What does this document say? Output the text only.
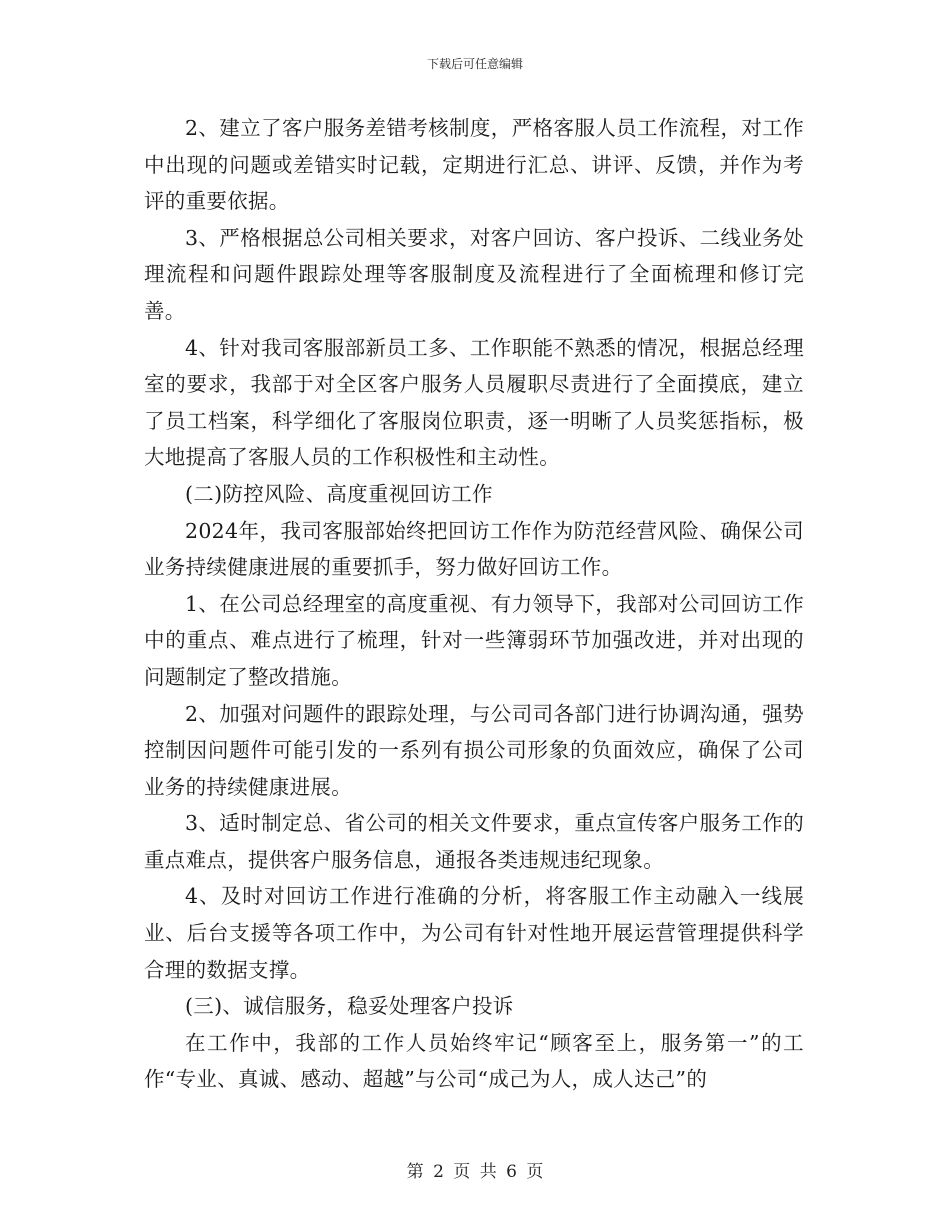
下载后可任意编辑

2、建立了客户服务差错考核制度，严格客服人员工作流程，对工作中出现的问题或差错实时记载，定期进行汇总、讲评、反馈，并作为考评的重要依据。

3、严格根据总公司相关要求，对客户回访、客户投诉、二线业务处理流程和问题件跟踪处理等客服制度及流程进行了全面梳理和修订完善。

4、针对我司客服部新员工多、工作职能不熟悉的情况，根据总经理室的要求，我部于对全区客户服务人员履职尽责进行了全面摸底，建立了员工档案，科学细化了客服岗位职责，逐一明晰了人员奖惩指标，极大地提高了客服人员的工作积极性和主动性。

(二)防控风险、高度重视回访工作

2024年，我司客服部始终把回访工作作为防范经营风险、确保公司业务持续健康进展的重要抓手，努力做好回访工作。

1、在公司总经理室的高度重视、有力领导下，我部对公司回访工作中的重点、难点进行了梳理，针对一些簿弱环节加强改进，并对出现的问题制定了整改措施。

2、加强对问题件的跟踪处理，与公司司各部门进行协调沟通，强势控制因问题件可能引发的一系列有损公司形象的负面效应，确保了公司业务的持续健康进展。

3、适时制定总、省公司的相关文件要求，重点宣传客户服务工作的重点难点，提供客户服务信息，通报各类违规违纪现象。

4、及时对回访工作进行准确的分析，将客服工作主动融入一线展业、后台支援等各项工作中，为公司有针对性地开展运营管理提供科学合理的数据支撑。

(三)、诚信服务，稳妥处理客户投诉

在工作中，我部的工作人员始终牢记“顾客至上，服务第一”的工作“专业、真诚、感动、超越”与公司“成己为人，成人达己”的

第 2 页 共 6 页
